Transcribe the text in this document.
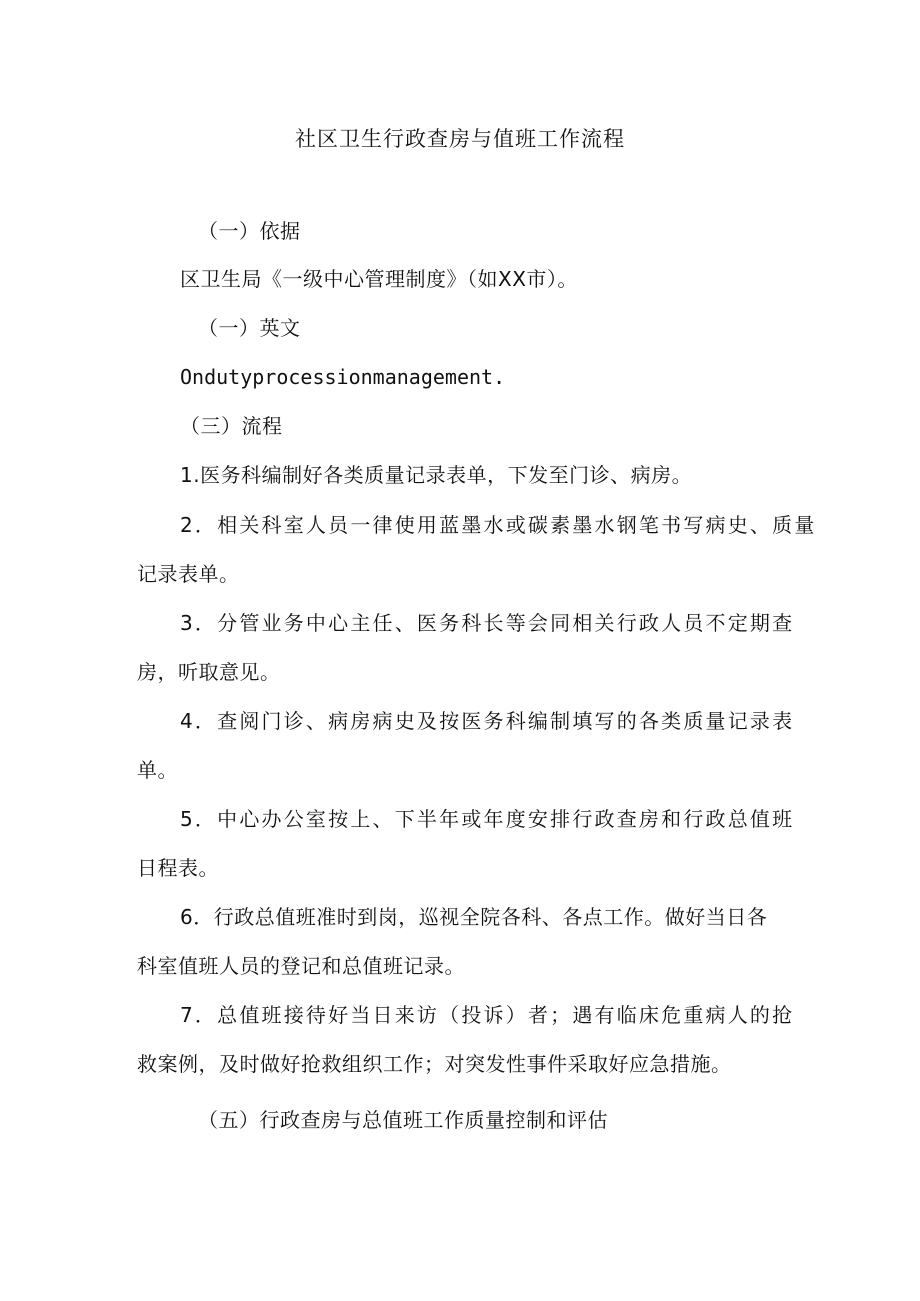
社区卫生行政查房与值班工作流程
（一）依据
区卫生局《一级中心管理制度》（如XX市）。
（一）英文
Ondutyprocessionmanagement.
（三）流程
1.医务科编制好各类质量记录表单，下发至门诊、病房。
2．相关科室人员一律使用蓝墨水或碳素墨水钢笔书写病史、质量
记录表单。
3．分管业务中心主任、医务科长等会同相关行政人员不定期查
房，听取意见。
4．查阅门诊、病房病史及按医务科编制填写的各类质量记录表
单。
5．中心办公室按上、下半年或年度安排行政查房和行政总值班
日程表。
6．行政总值班准时到岗，巡视全院各科、各点工作。做好当日各
科室值班人员的登记和总值班记录。
7．总值班接待好当日来访（投诉）者；遇有临床危重病人的抢
救案例，及时做好抢救组织工作；对突发性事件采取好应急措施。
（五）行政查房与总值班工作质量控制和评估
